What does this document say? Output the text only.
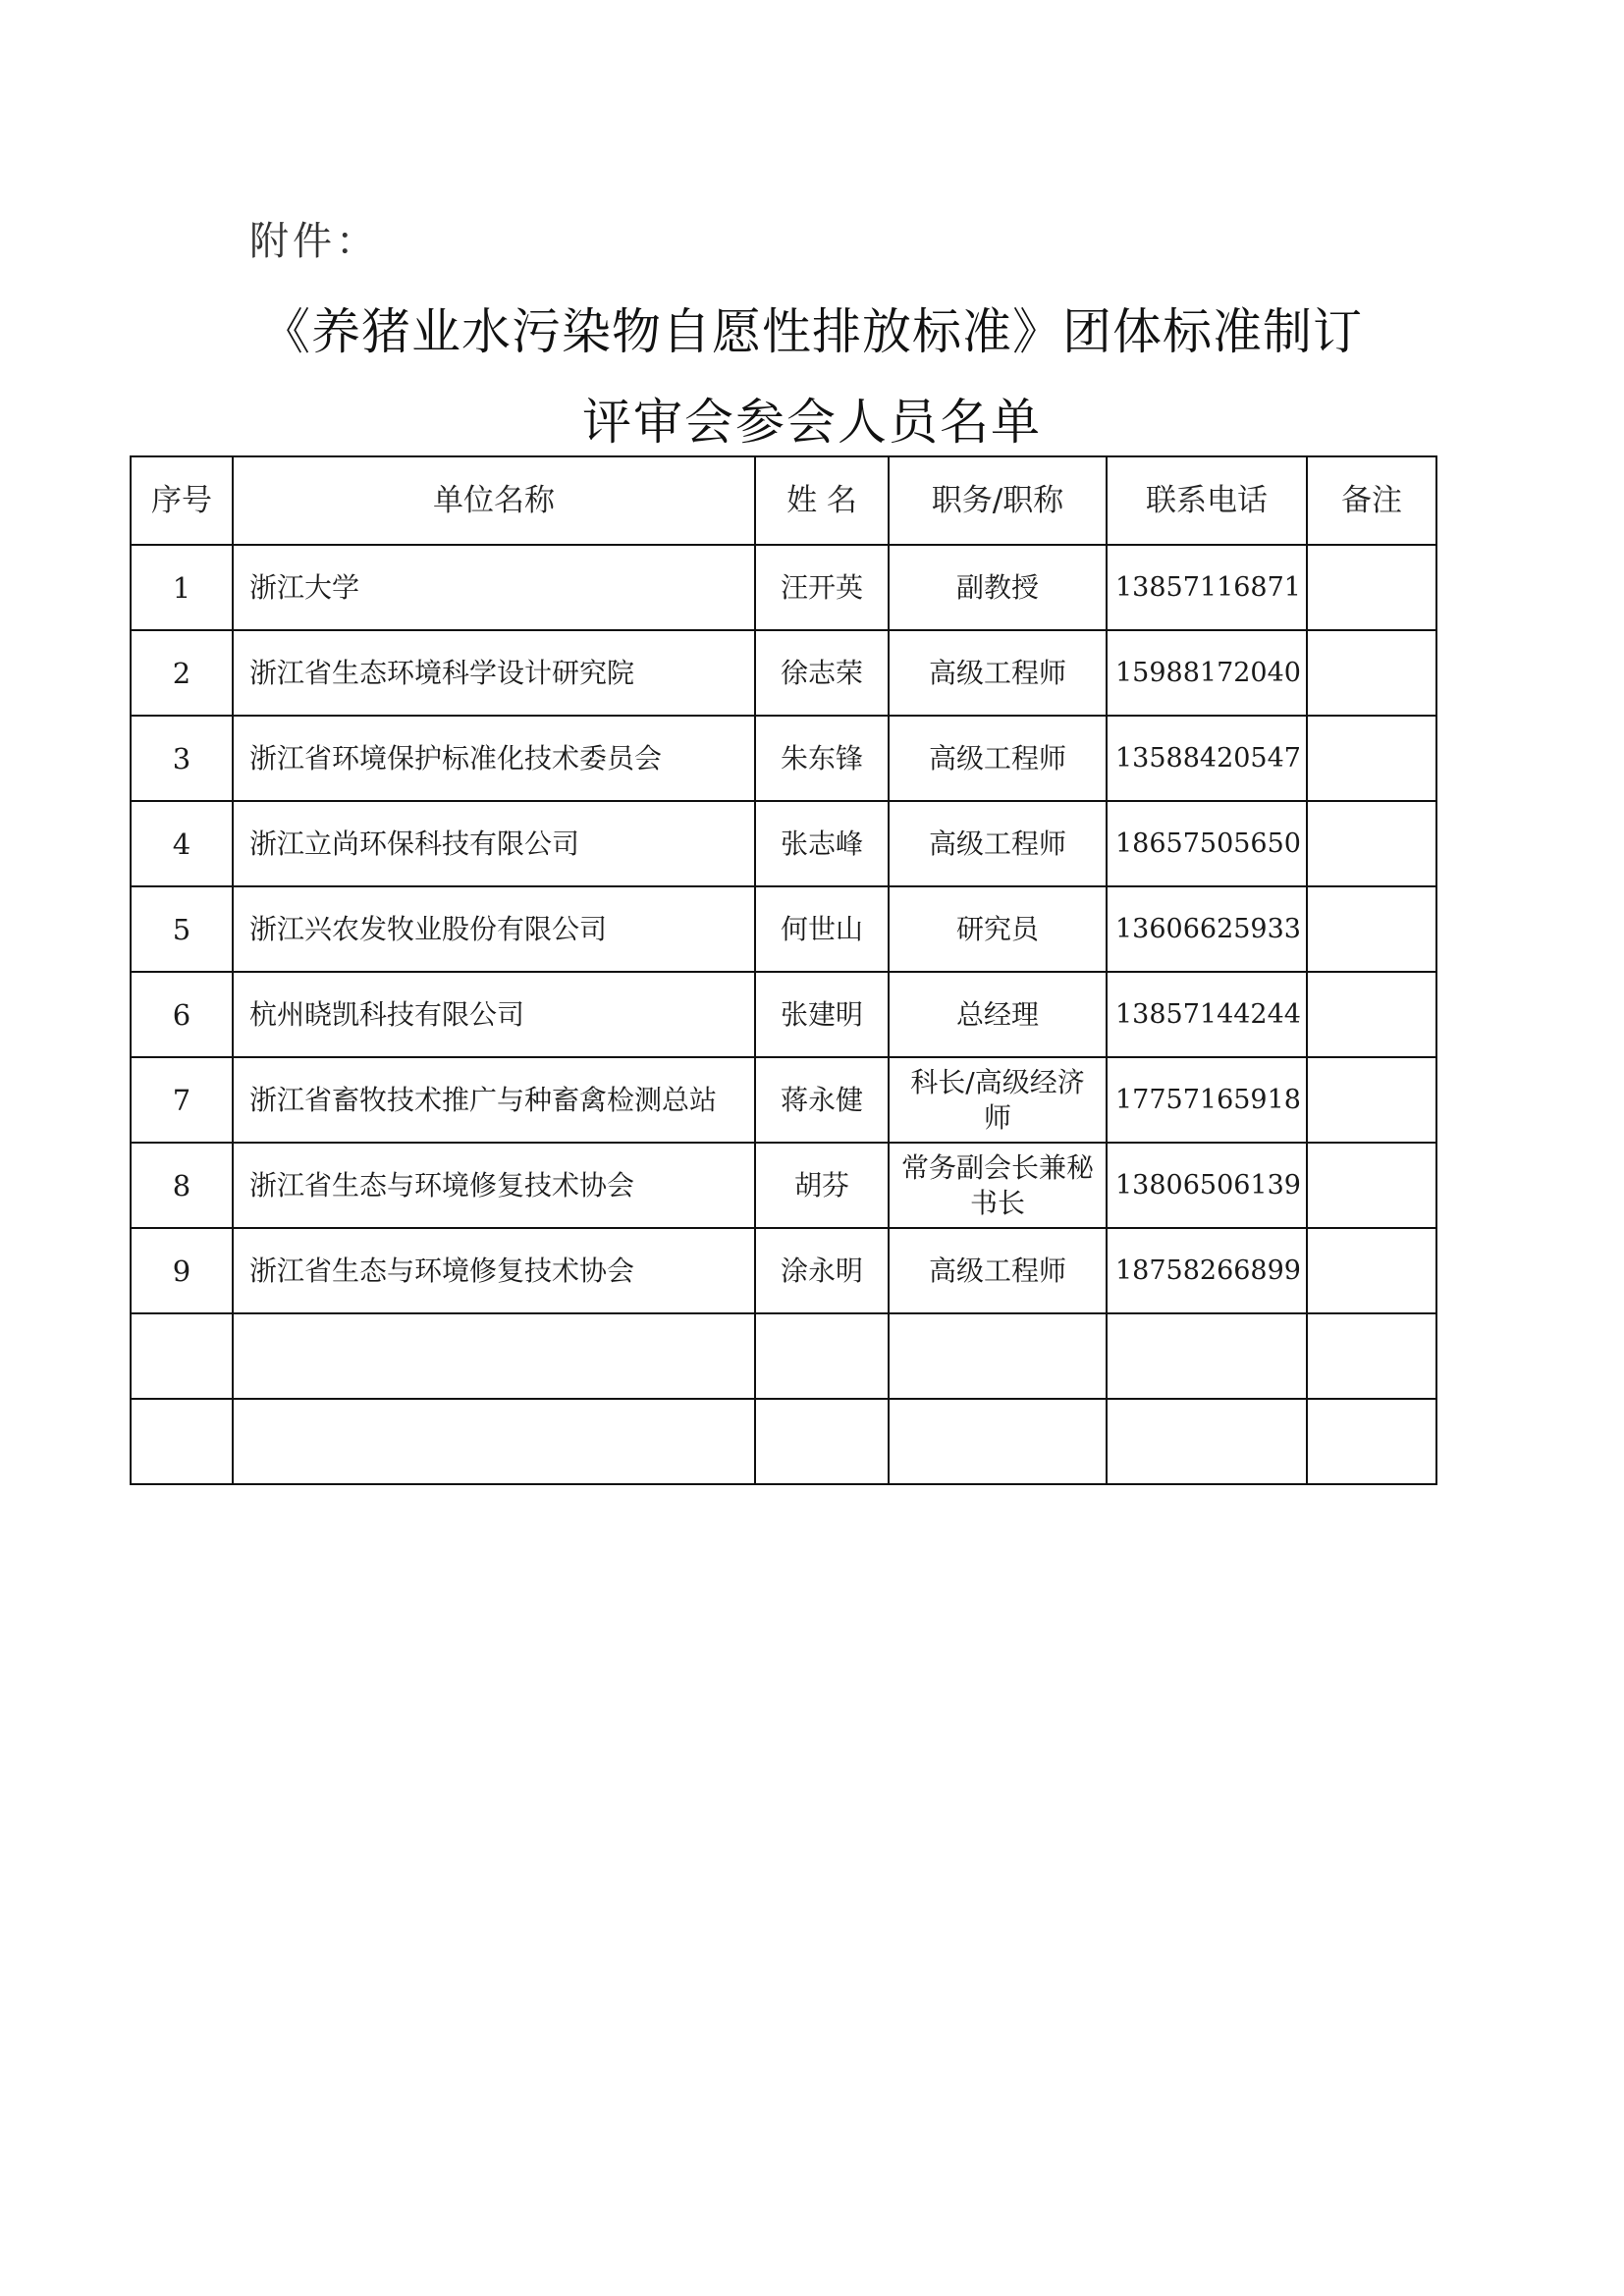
附件：
《养猪业水污染物自愿性排放标准》团体标准制订
评审会参会人员名单
序号	单位名称	姓 名	职务/职称	联系电话	备注
1	浙江大学	汪开英	副教授	13857116871	
2	浙江省生态环境科学设计研究院	徐志荣	高级工程师	15988172040	
3	浙江省环境保护标准化技术委员会	朱东锋	高级工程师	13588420547	
4	浙江立尚环保科技有限公司	张志峰	高级工程师	18657505650	
5	浙江兴农发牧业股份有限公司	何世山	研究员	13606625933	
6	杭州晓凯科技有限公司	张建明	总经理	13857144244	
7	浙江省畜牧技术推广与种畜禽检测总站	蒋永健	科长/高级经济师	17757165918	
8	浙江省生态与环境修复技术协会	胡芬	常务副会长兼秘书长	13806506139	
9	浙江省生态与环境修复技术协会	涂永明	高级工程师	18758266899	
